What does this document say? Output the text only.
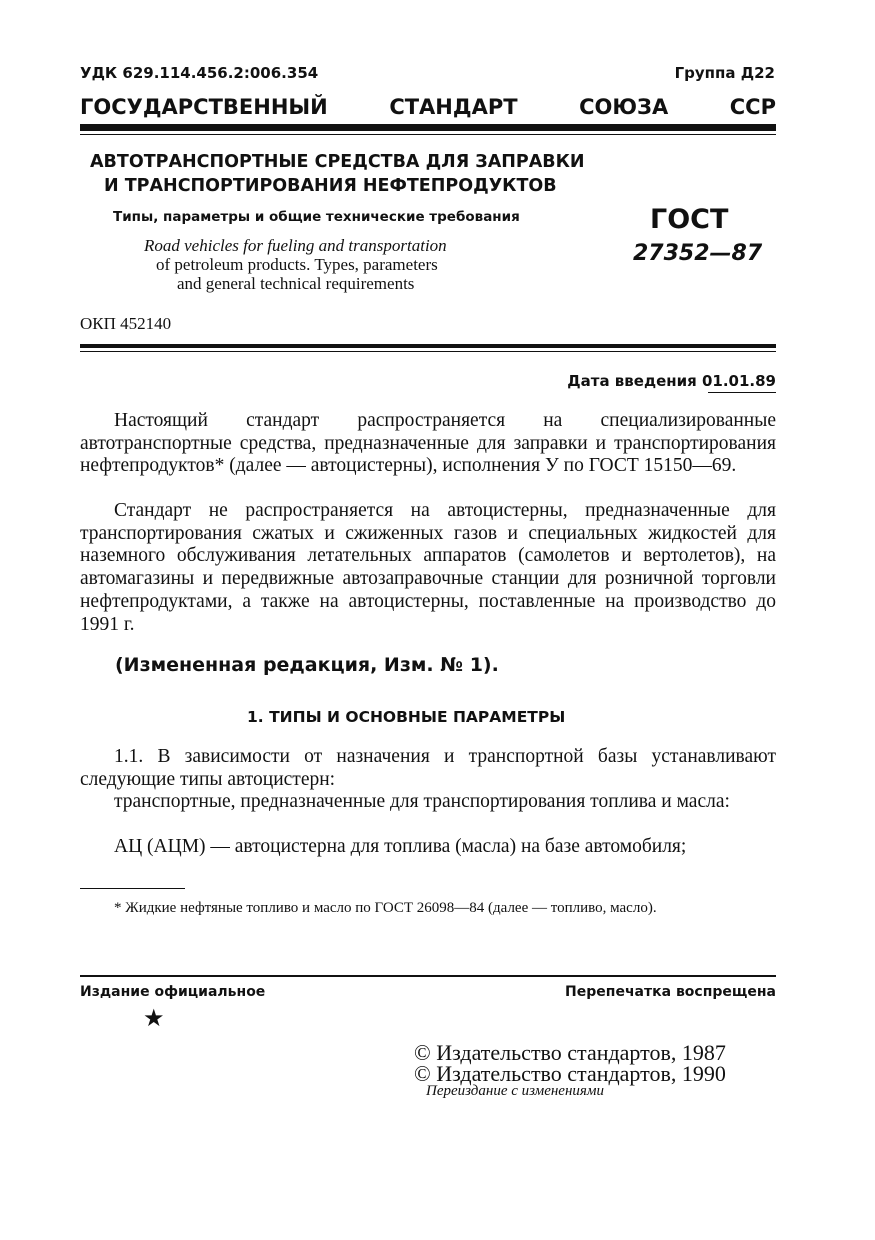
УДК 629.114.456.2:006.354	Группа Д22
ГОСУДАРСТВЕННЫЙ	СТАНДАРТ	СОЮЗА	ССР
АВТОТРАНСПОРТНЫЕ СРЕДСТВА ДЛЯ ЗАПРАВКИ
И ТРАНСПОРТИРОВАНИЯ НЕФТЕПРОДУКТОВ
Типы, параметры и общие технические требования
Road vehicles for fueling and transportation
of petroleum products. Types, parameters
and general technical requirements
ГОСТ
27352—87
ОКП 452140
Дата введения 01.01.89

Настоящий стандарт распространяется на специализированные автотранспортные средства, предназначенные для заправки и транспортирования нефтепродуктов* (далее — автоцистерны), исполнения У по ГОСТ 15150—69.

Стандарт не распространяется на автоцистерны, предназначенные для транспортирования сжатых и сжиженных газов и специальных жидкостей для наземного обслуживания летательных аппаратов (самолетов и вертолетов), на автомагазины и передвижные автозаправочные станции для розничной торговли нефтепродуктами, а также на автоцистерны, поставленные на производство до 1991 г.

(Измененная редакция, Изм. № 1).
1. ТИПЫ И ОСНОВНЫЕ ПАРАМЕТРЫ

1.1. В зависимости от назначения и транспортной базы устанавливают следующие типы автоцистерн:

транспортные, предназначенные для транспортирования топлива и масла:

АЦ (АЦМ) — автоцистерна для топлива (масла) на базе автомобиля;

* Жидкие нефтяные топливо и масло по ГОСТ 26098—84 (далее — топливо, масло).

Издание официальное	Перепечатка воспрещена
★
© Издательство стандартов, 1987
© Издательство стандартов, 1990
Переиздание с изменениями
